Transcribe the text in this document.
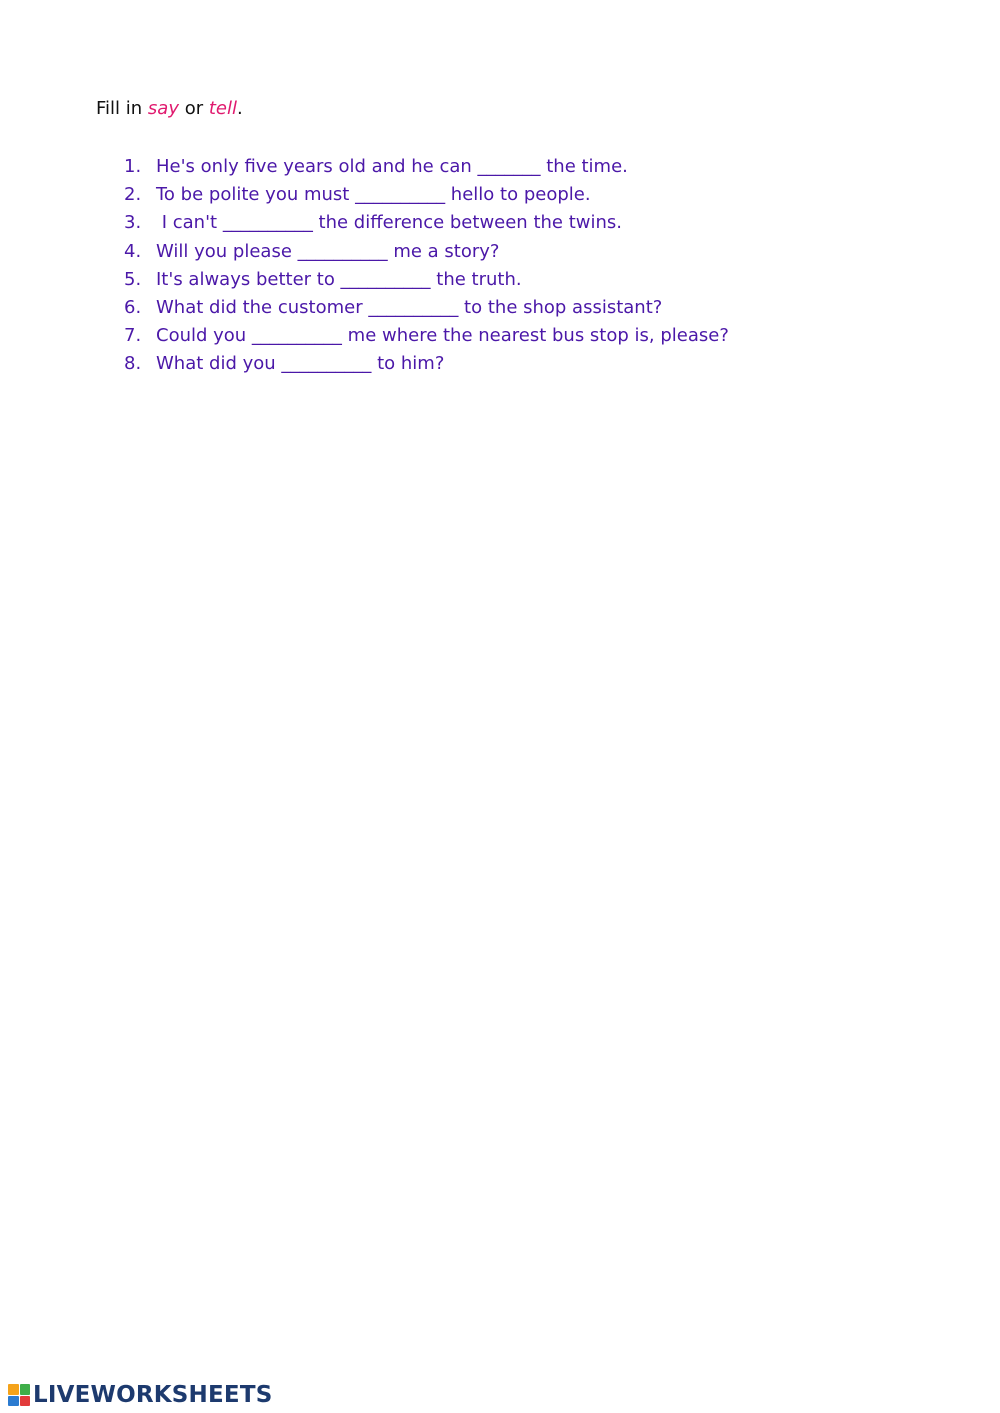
Fill in say or tell.
1. He's only five years old and he can _______ the time.
2. To be polite you must __________ hello to people.
3. I can't __________ the difference between the twins.
4. Will you please __________ me a story?
5. It's always better to __________ the truth.
6. What did the customer __________ to the shop assistant?
7. Could you __________ me where the nearest bus stop is, please?
8. What did you __________ to him?
LIVEWORKSHEETS
